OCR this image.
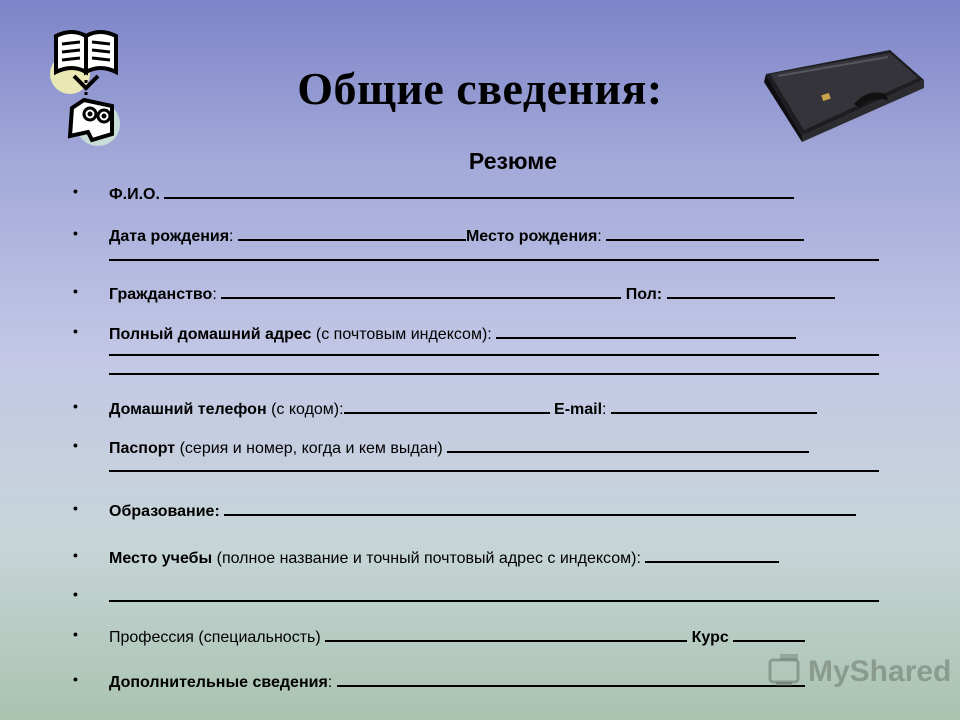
Общие сведения:
Резюме
• Ф.И.О.
• Дата рождения:	Место рождения:
• Гражданство:	Пол:
• Полный домашний адрес (с почтовым индексом):
• Домашний телефон (с кодом):	E-mail:
• Паспорт (серия и номер, когда и кем выдан)
• Образование:
• Место учебы (полное название и точный почтовый адрес с индексом):
•
• Профессия (специальность)	Курс
• Дополнительные сведения:	MyShared
